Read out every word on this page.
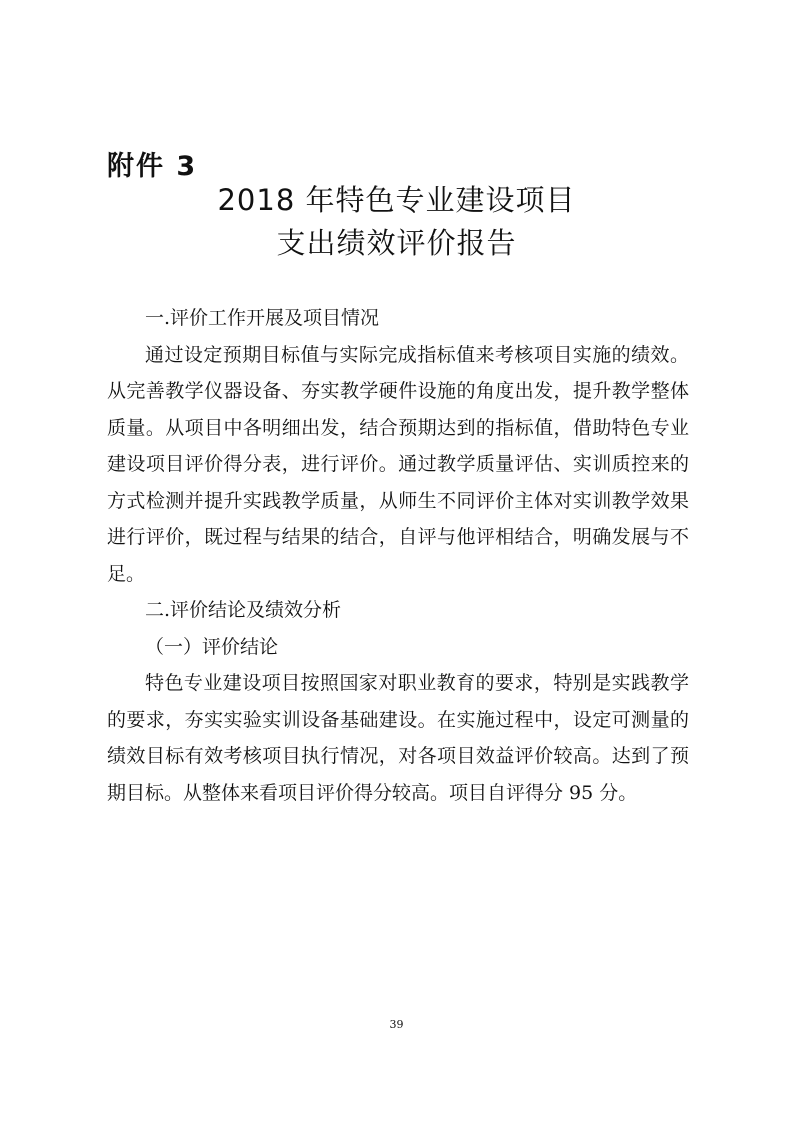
附件 3

2018 年特色专业建设项目

支出绩效评价报告

一.评价工作开展及项目情况

通过设定预期目标值与实际完成指标值来考核项目实施的绩效。从完善教学仪器设备、夯实教学硬件设施的角度出发，提升教学整体质量。从项目中各明细出发，结合预期达到的指标值，借助特色专业建设项目评价得分表，进行评价。通过教学质量评估、实训质控来的方式检测并提升实践教学质量，从师生不同评价主体对实训教学效果进行评价，既过程与结果的结合，自评与他评相结合，明确发展与不足。

二.评价结论及绩效分析

（一）评价结论

特色专业建设项目按照国家对职业教育的要求，特别是实践教学的要求，夯实实验实训设备基础建设。在实施过程中，设定可测量的绩效目标有效考核项目执行情况，对各项目效益评价较高。达到了预期目标。从整体来看项目评价得分较高。项目自评得分 95 分。

39
